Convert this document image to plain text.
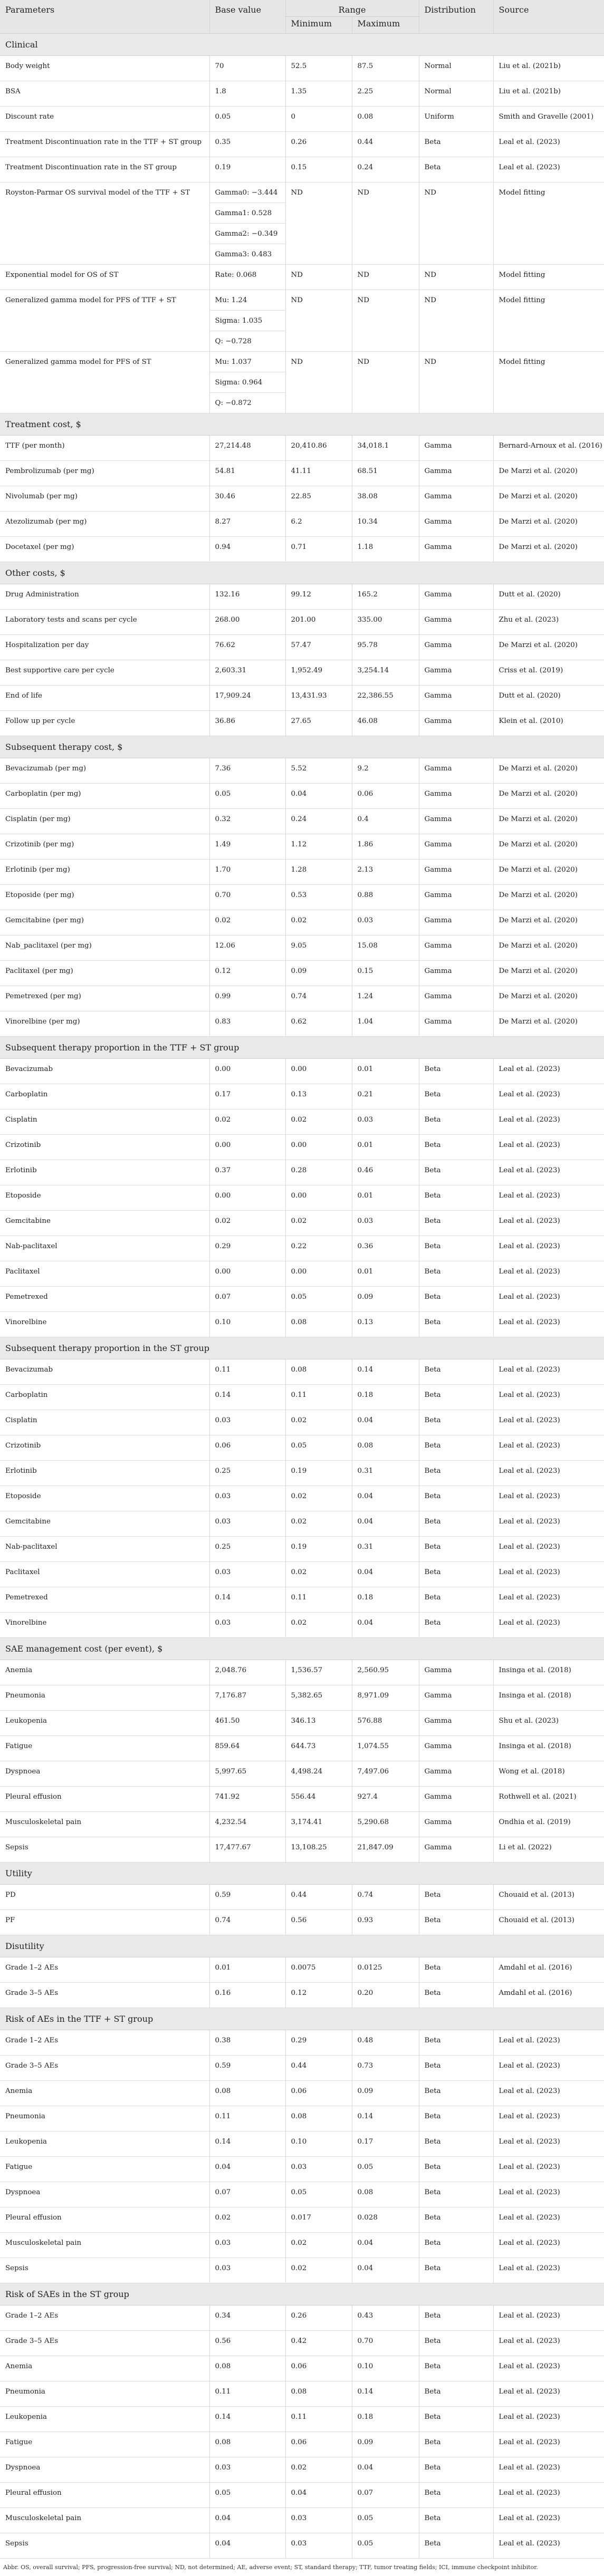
Parameters	Base value	Range		Distribution	Source
		Minimum	Maximum		
Clinical					
Body weight	70	52.5	87.5	Normal	Liu et al. (2021b)
BSA	1.8	1.35	2.25	Normal	Liu et al. (2021b)
Discount rate	0.05	0	0.08	Uniform	Smith and Gravelle (2001)
Treatment Discontinuation rate in the TTF + ST group	0.35	0.26	0.44	Beta	Leal et al. (2023)
Treatment Discontinuation rate in the ST group	0.19	0.15	0.24	Beta	Leal et al. (2023)
Royston-Parmar OS survival model of the TTF + ST	Gamma0: −3.444
Gamma1: 0.528
Gamma2: −0.349
Gamma3: 0.483	ND	ND	ND	Model fitting
Exponential model for OS of ST	Rate: 0.068	ND	ND	ND	Model fitting
Generalized gamma model for PFS of TTF + ST	Mu: 1.24
Sigma: 1.035
Q: −0.728	ND	ND	ND	Model fitting
Generalized gamma model for PFS of ST	Mu: 1.037
Sigma: 0.964
Q: −0.872	ND	ND	ND	Model fitting
Treatment cost, $					
TTF (per month)	27,214.48	20,410.86	34,018.1	Gamma	Bernard-Arnoux et al. (2016)
Pembrolizumab (per mg)	54.81	41.11	68.51	Gamma	De Marzi et al. (2020)
Nivolumab (per mg)	30.46	22.85	38.08	Gamma	De Marzi et al. (2020)
Atezolizumab (per mg)	8.27	6.2	10.34	Gamma	De Marzi et al. (2020)
Docetaxel (per mg)	0.94	0.71	1.18	Gamma	De Marzi et al. (2020)
Other costs, $					
Drug Administration	132.16	99.12	165.2	Gamma	Dutt et al. (2020)
Laboratory tests and scans per cycle	268.00	201.00	335.00	Gamma	Zhu et al. (2023)
Hospitalization per day	76.62	57.47	95.78	Gamma	De Marzi et al. (2020)
Best supportive care per cycle	2,603.31	1,952.49	3,254.14	Gamma	Criss et al. (2019)
End of life	17,909.24	13,431.93	22,386.55	Gamma	Dutt et al. (2020)
Follow up per cycle	36.86	27.65	46.08	Gamma	Klein et al. (2010)
Subsequent therapy cost, $					
Bevacizumab (per mg)	7.36	5.52	9.2	Gamma	De Marzi et al. (2020)
Carboplatin (per mg)	0.05	0.04	0.06	Gamma	De Marzi et al. (2020)
Cisplatin (per mg)	0.32	0.24	0.4	Gamma	De Marzi et al. (2020)
Crizotinib (per mg)	1.49	1.12	1.86	Gamma	De Marzi et al. (2020)
Erlotinib (per mg)	1.70	1.28	2.13	Gamma	De Marzi et al. (2020)
Etoposide (per mg)	0.70	0.53	0.88	Gamma	De Marzi et al. (2020)
Gemcitabine (per mg)	0.02	0.02	0.03	Gamma	De Marzi et al. (2020)
Nab_paclitaxel (per mg)	12.06	9.05	15.08	Gamma	De Marzi et al. (2020)
Paclitaxel (per mg)	0.12	0.09	0.15	Gamma	De Marzi et al. (2020)
Pemetrexed (per mg)	0.99	0.74	1.24	Gamma	De Marzi et al. (2020)
Vinorelbine (per mg)	0.83	0.62	1.04	Gamma	De Marzi et al. (2020)
Subsequent therapy proportion in the TTF + ST group					
Bevacizumab	0.00	0.00	0.01	Beta	Leal et al. (2023)
Carboplatin	0.17	0.13	0.21	Beta	Leal et al. (2023)
Cisplatin	0.02	0.02	0.03	Beta	Leal et al. (2023)
Crizotinib	0.00	0.00	0.01	Beta	Leal et al. (2023)
Erlotinib	0.37	0.28	0.46	Beta	Leal et al. (2023)
Etoposide	0.00	0.00	0.01	Beta	Leal et al. (2023)
Gemcitabine	0.02	0.02	0.03	Beta	Leal et al. (2023)
Nab-paclitaxel	0.29	0.22	0.36	Beta	Leal et al. (2023)
Paclitaxel	0.00	0.00	0.01	Beta	Leal et al. (2023)
Pemetrexed	0.07	0.05	0.09	Beta	Leal et al. (2023)
Vinorelbine	0.10	0.08	0.13	Beta	Leal et al. (2023)
Subsequent therapy proportion in the ST group					
Bevacizumab	0.11	0.08	0.14	Beta	Leal et al. (2023)
Carboplatin	0.14	0.11	0.18	Beta	Leal et al. (2023)
Cisplatin	0.03	0.02	0.04	Beta	Leal et al. (2023)
Crizotinib	0.06	0.05	0.08	Beta	Leal et al. (2023)
Erlotinib	0.25	0.19	0.31	Beta	Leal et al. (2023)
Etoposide	0.03	0.02	0.04	Beta	Leal et al. (2023)
Gemcitabine	0.03	0.02	0.04	Beta	Leal et al. (2023)
Nab-paclitaxel	0.25	0.19	0.31	Beta	Leal et al. (2023)
Paclitaxel	0.03	0.02	0.04	Beta	Leal et al. (2023)
Pemetrexed	0.14	0.11	0.18	Beta	Leal et al. (2023)
Vinorelbine	0.03	0.02	0.04	Beta	Leal et al. (2023)
SAE management cost (per event), $					
Anemia	2,048.76	1,536.57	2,560.95	Gamma	Insinga et al. (2018)
Pneumonia	7,176.87	5,382.65	8,971.09	Gamma	Insinga et al. (2018)
Leukopenia	461.50	346.13	576.88	Gamma	Shu et al. (2023)
Fatigue	859.64	644.73	1,074.55	Gamma	Insinga et al. (2018)
Dyspnoea	5,997.65	4,498.24	7,497.06	Gamma	Wong et al. (2018)
Pleural effusion	741.92	556.44	927.4	Gamma	Rothwell et al. (2021)
Musculoskeletal pain	4,232.54	3,174.41	5,290.68	Gamma	Ondhia et al. (2019)
Sepsis	17,477.67	13,108.25	21,847.09	Gamma	Li et al. (2022)
Utility					
PD	0.59	0.44	0.74	Beta	Chouaid et al. (2013)
PF	0.74	0.56	0.93	Beta	Chouaid et al. (2013)
Disutility					
Grade 1–2 AEs	0.01	0.0075	0.0125	Beta	Amdahl et al. (2016)
Grade 3–5 AEs	0.16	0.12	0.20	Beta	Amdahl et al. (2016)
Risk of AEs in the TTF + ST group					
Grade 1–2 AEs	0.38	0.29	0.48	Beta	Leal et al. (2023)
Grade 3–5 AEs	0.59	0.44	0.73	Beta	Leal et al. (2023)
Anemia	0.08	0.06	0.09	Beta	Leal et al. (2023)
Pneumonia	0.11	0.08	0.14	Beta	Leal et al. (2023)
Leukopenia	0.14	0.10	0.17	Beta	Leal et al. (2023)
Fatigue	0.04	0.03	0.05	Beta	Leal et al. (2023)
Dyspnoea	0.07	0.05	0.08	Beta	Leal et al. (2023)
Pleural effusion	0.02	0.017	0.028	Beta	Leal et al. (2023)
Musculoskeletal pain	0.03	0.02	0.04	Beta	Leal et al. (2023)
Sepsis	0.03	0.02	0.04	Beta	Leal et al. (2023)
Risk of SAEs in the ST group					
Grade 1–2 AEs	0.34	0.26	0.43	Beta	Leal et al. (2023)
Grade 3–5 AEs	0.56	0.42	0.70	Beta	Leal et al. (2023)
Anemia	0.08	0.06	0.10	Beta	Leal et al. (2023)
Pneumonia	0.11	0.08	0.14	Beta	Leal et al. (2023)
Leukopenia	0.14	0.11	0.18	Beta	Leal et al. (2023)
Fatigue	0.08	0.06	0.09	Beta	Leal et al. (2023)
Dyspnoea	0.03	0.02	0.04	Beta	Leal et al. (2023)
Pleural effusion	0.05	0.04	0.07	Beta	Leal et al. (2023)
Musculoskeletal pain	0.04	0.03	0.05	Beta	Leal et al. (2023)
Sepsis	0.04	0.03	0.05	Beta	Leal et al. (2023)
Abbr. OS, overall survival; PFS, progression-free survival; ND, not determined; AE, adverse event; ST, standard therapy; TTF, tumor treating fields; ICI, immune checkpoint inhibitor.
